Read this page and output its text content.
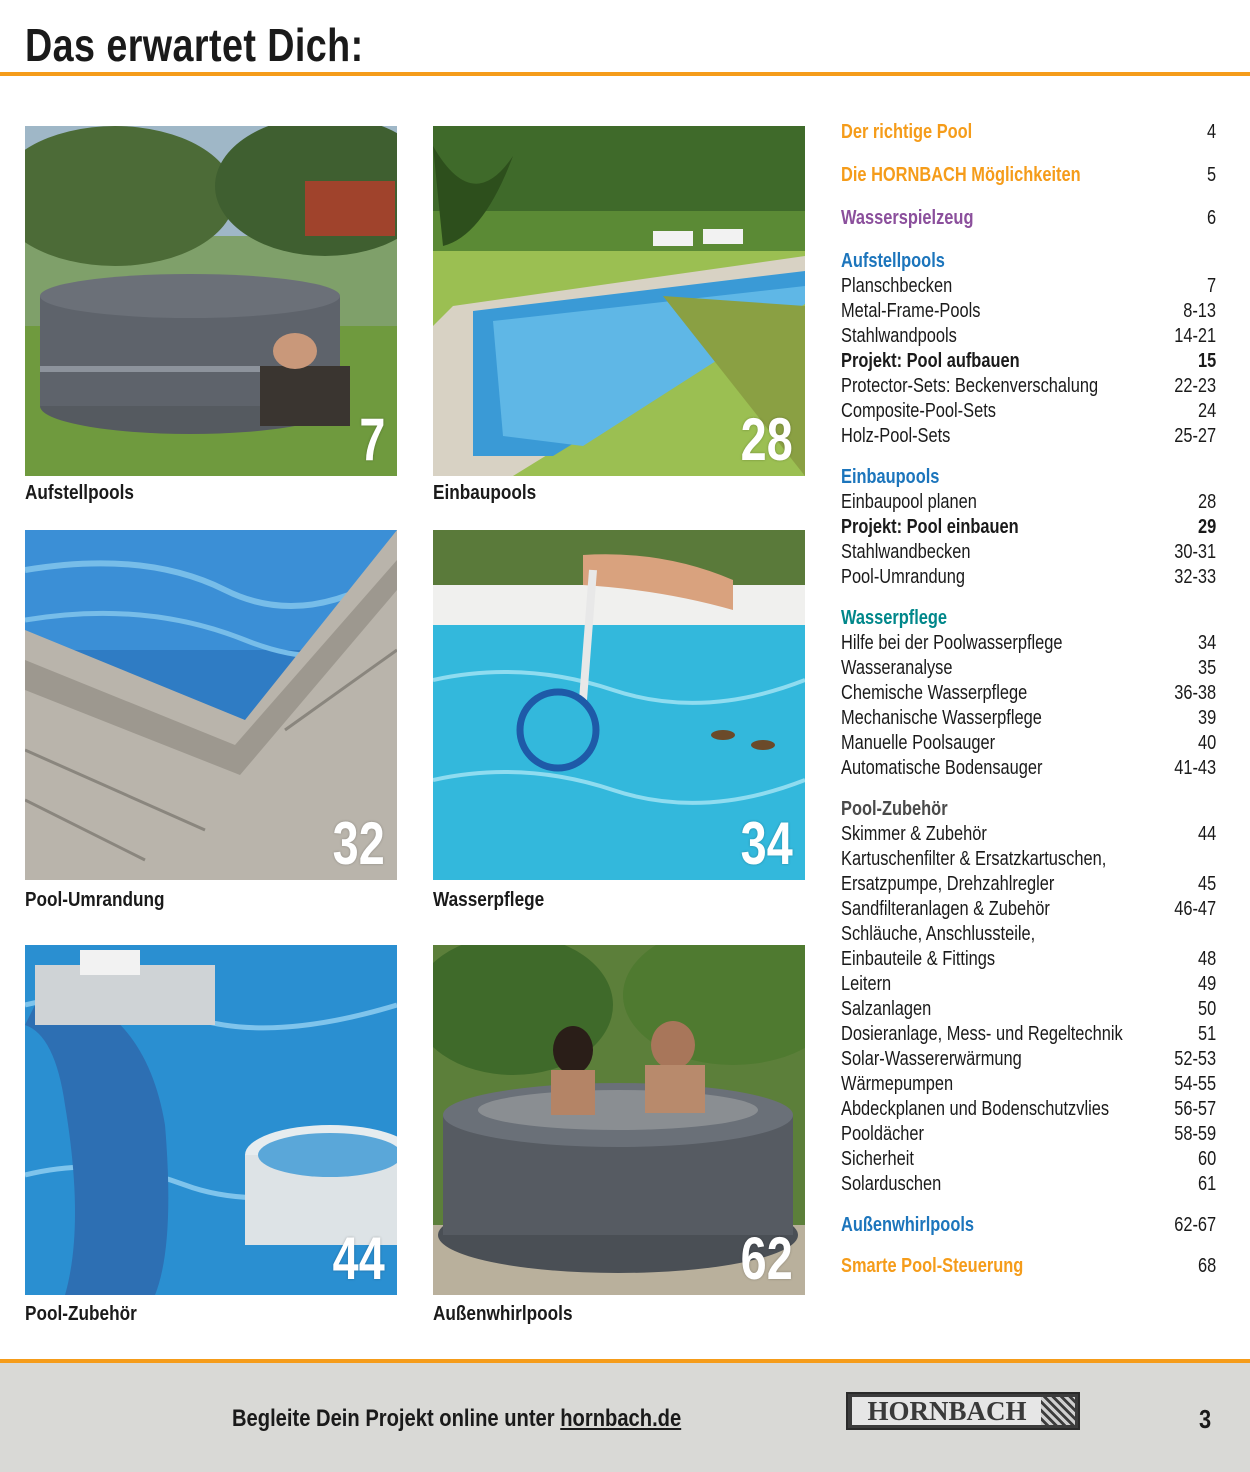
Das erwartet Dich:
7
Aufstellpools
28
Einbaupools
32
Pool-Umrandung
34
Wasserpflege
44
Pool-Zubehör
62
Außenwhirlpools
Der richtige Pool	4
Die HORNBACH Möglichkeiten	5
Wasserspielzeug	6
Aufstellpools
Planschbecken	7
Metal-Frame-Pools	8-13
Stahlwandpools	14-21
Projekt: Pool aufbauen	15
Protector-Sets: Beckenverschalung	22-23
Composite-Pool-Sets	24
Holz-Pool-Sets	25-27
Einbaupools
Einbaupool planen	28
Projekt: Pool einbauen	29
Stahlwandbecken	30-31
Pool-Umrandung	32-33
Wasserpflege
Hilfe bei der Poolwasserpflege	34
Wasseranalyse	35
Chemische Wasserpflege	36-38
Mechanische Wasserpflege	39
Manuelle Poolsauger	40
Automatische Bodensauger	41-43
Pool-Zubehör
Skimmer & Zubehör	44
Kartuschenfilter & Ersatzkartuschen,
Ersatzpumpe, Drehzahlregler	45
Sandfilteranlagen & Zubehör	46-47
Schläuche, Anschlussteile,
Einbauteile & Fittings	48
Leitern	49
Salzanlagen	50
Dosieranlage, Mess- und Regeltechnik	51
Solar-Wassererwärmung	52-53
Wärmepumpen	54-55
Abdeckplanen und Bodenschutzvlies	56-57
Pooldächer	58-59
Sicherheit	60
Solarduschen	61
Außenwhirlpools	62-67
Smarte Pool-Steuerung	68
Begleite Dein Projekt online unter hornbach.de	HORNBACH	3
